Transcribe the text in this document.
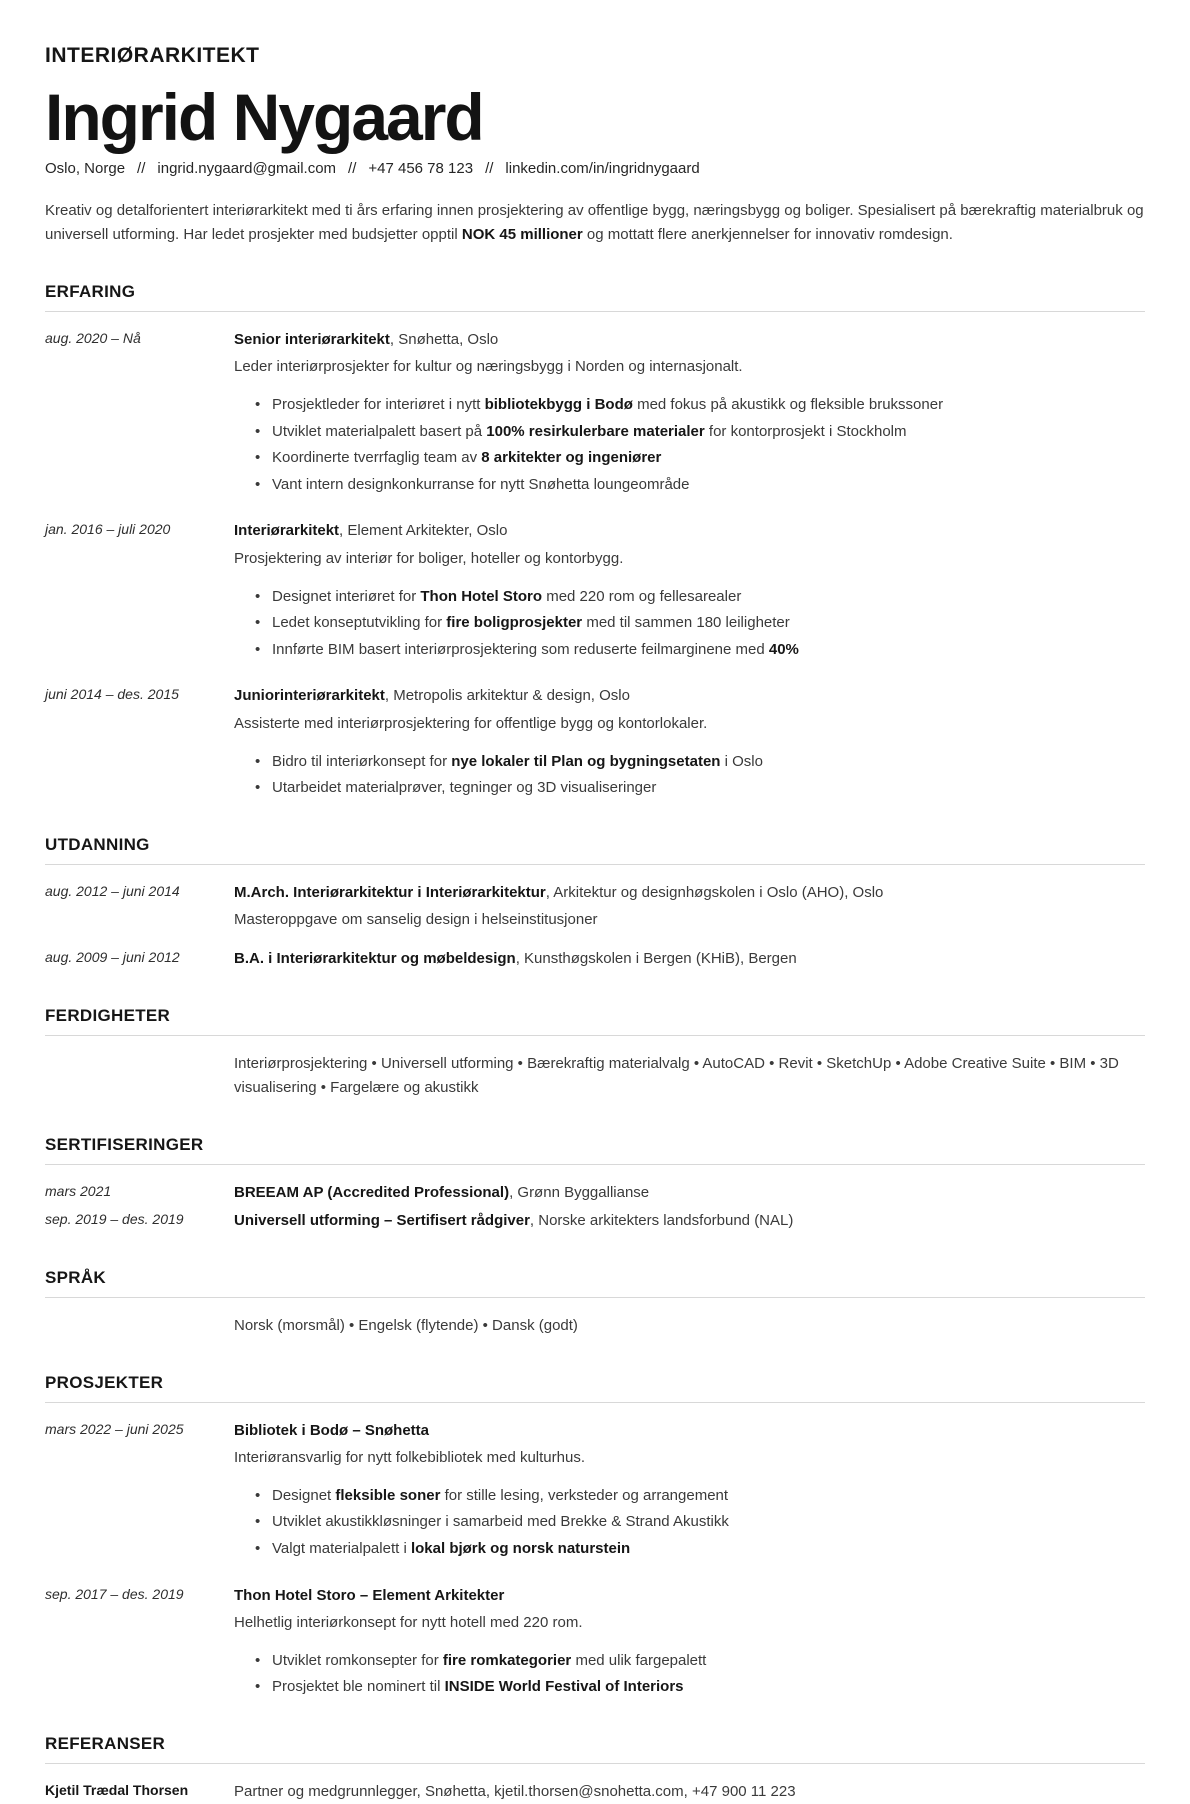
INTERIØRARKITEKT
Ingrid Nygaard
Oslo, Norge // ingrid.nygaard@gmail.com // +47 456 78 123 // linkedin.com/in/ingridnygaard

Kreativ og detalforientert interiørarkitekt med ti års erfaring innen prosjektering av offentlige bygg, næringsbygg og boliger. Spesialisert på bærekraftig materialbruk og universell utforming. Har ledet prosjekter med budsjetter opptil NOK 45 millioner og mottatt flere anerkjennelser for innovativ romdesign.

ERFARING
aug. 2020 – Nå	Senior interiørarkitekt, Snøhetta, Oslo

Leder interiørprosjekter for kultur og næringsbygg i Norden og internasjonalt.

• Prosjektleder for interiøret i nytt bibliotekbygg i Bodø med fokus på akustikk og fleksible brukssoner
• Utviklet materialpalett basert på 100% resirkulerbare materialer for kontorprosjekt i Stockholm
• Koordinerte tverrfaglig team av 8 arkitekter og ingeniører
• Vant intern designkonkurranse for nytt Snøhetta loungeområde
jan. 2016 – juli 2020	Interiørarkitekt, Element Arkitekter, Oslo

Prosjektering av interiør for boliger, hoteller og kontorbygg.

• Designet interiøret for Thon Hotel Storo med 220 rom og fellesarealer
• Ledet konseptutvikling for fire boligprosjekter med til sammen 180 leiligheter
• Innførte BIM basert interiørprosjektering som reduserte feilmarginene med 40%
juni 2014 – des. 2015	Juniorinteriørarkitekt, Metropolis arkitektur & design, Oslo

Assisterte med interiørprosjektering for offentlige bygg og kontorlokaler.

• Bidro til interiørkonsept for nye lokaler til Plan og bygningsetaten i Oslo
• Utarbeidet materialprøver, tegninger og 3D visualiseringer
UTDANNING
aug. 2012 – juni 2014	M.Arch. Interiørarkitektur i Interiørarkitektur, Arkitektur og designhøgskolen i Oslo (AHO), Oslo

Masteroppgave om sanselig design i helseinstitusjoner

aug. 2009 – juni 2012	B.A. i Interiørarkitektur og møbeldesign, Kunsthøgskolen i Bergen (KHiB), Bergen

FERDIGHETER

Interiørprosjektering • Universell utforming • Bærekraftig materialvalg • AutoCAD • Revit • SketchUp • Adobe Creative Suite • BIM • 3D visualisering • Fargelære og akustikk

SERTIFISERINGER
mars 2021	BREEAM AP (Accredited Professional), Grønn Byggallianse

sep. 2019 – des. 2019	Universell utforming – Sertifisert rådgiver, Norske arkitekters landsforbund (NAL)

SPRÅK

Norsk (morsmål) • Engelsk (flytende) • Dansk (godt)

PROSJEKTER
mars 2022 – juni 2025	Bibliotek i Bodø – Snøhetta

Interiøransvarlig for nytt folkebibliotek med kulturhus.

• Designet fleksible soner for stille lesing, verksteder og arrangement
• Utviklet akustikkløsninger i samarbeid med Brekke & Strand Akustikk
• Valgt materialpalett i lokal bjørk og norsk naturstein
sep. 2017 – des. 2019	Thon Hotel Storo – Element Arkitekter

Helhetlig interiørkonsept for nytt hotell med 220 rom.

• Utviklet romkonsepter for fire romkategorier med ulik fargepalett
• Prosjektet ble nominert til INSIDE World Festival of Interiors
REFERANSER
Kjetil Trædal Thorsen	Partner og medgrunnlegger, Snøhetta, kjetil.thorsen@snohetta.com, +47 900 11 223
